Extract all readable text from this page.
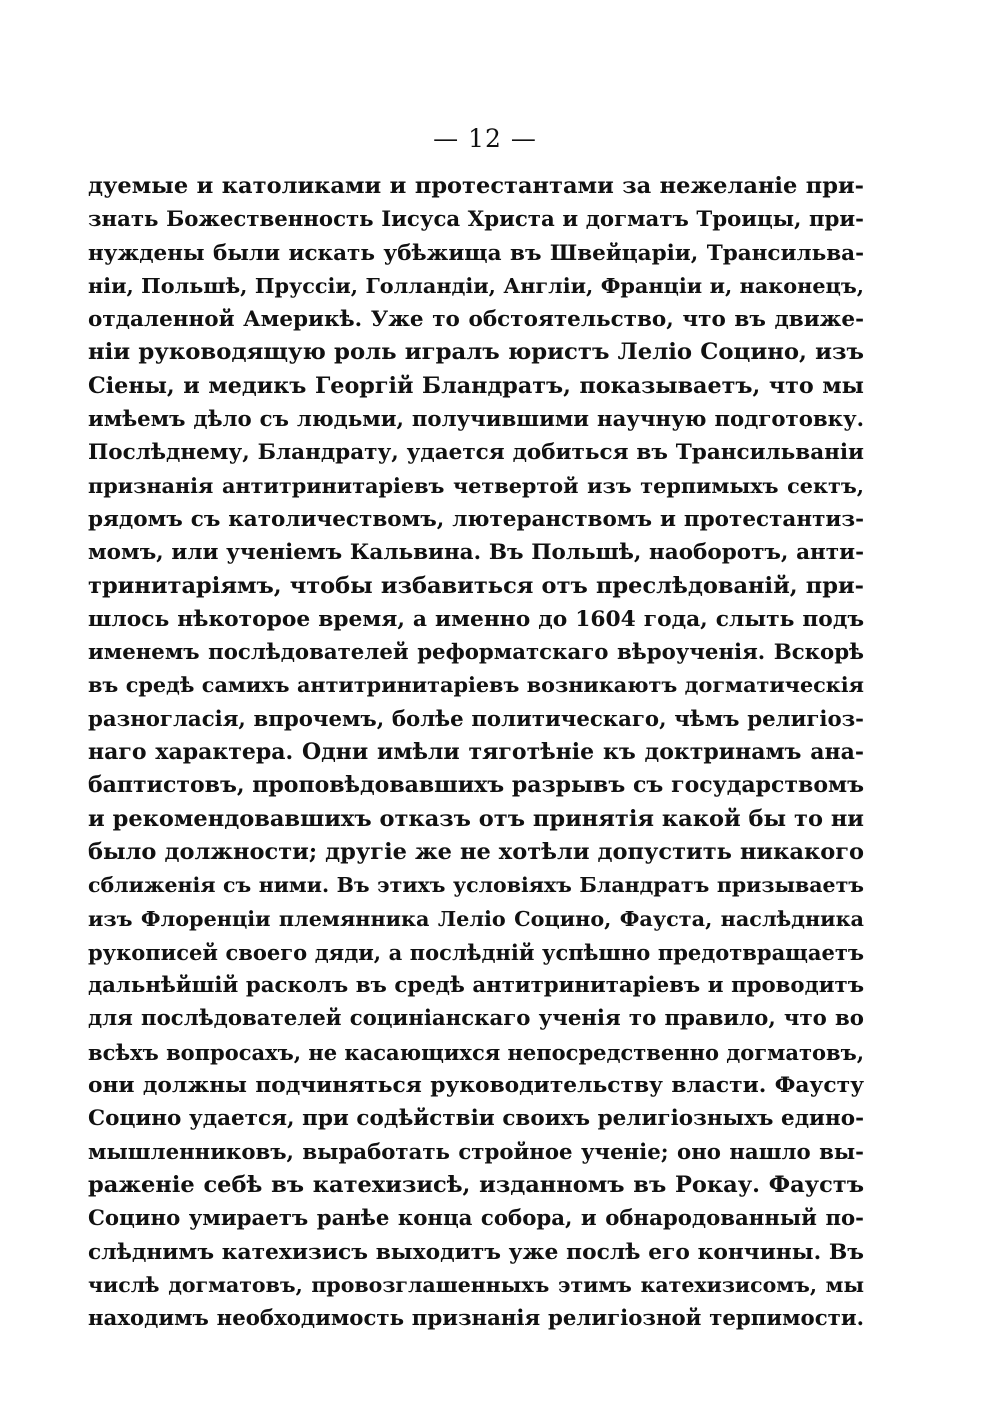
— 12 —
дуемые и католиками и протестантами за нежеланіе при-
знать Божественность Іисуса Христа и догматъ Троицы, при-
нуждены были искать убѣжища въ Швейцаріи, Трансильва-
ніи, Польшѣ, Пруссіи, Голландіи, Англіи, Франціи и, наконецъ,
отдаленной Америкѣ. Уже то обстоятельство, что въ движе-
ніи руководящую роль игралъ юристъ Леліо Социно, изъ
Сіены, и медикъ Георгій Бландратъ, показываетъ, что мы
имѣемъ дѣло съ людьми, получившими научную подготовку.
Послѣднему, Бландрату, удается добиться въ Трансильваніи
признанія антитринитаріевъ четвертой изъ терпимыхъ сектъ,
рядомъ съ католичествомъ, лютеранствомъ и протестантиз-
момъ, или ученіемъ Кальвина. Въ Польшѣ, наоборотъ, анти-
тринитаріямъ, чтобы избавиться отъ преслѣдованій, при-
шлось нѣкоторое время, а именно до 1604 года, слыть подъ
именемъ послѣдователей реформатскаго вѣроученія. Вскорѣ
въ средѣ самихъ антитринитаріевъ возникаютъ догматическія
разногласія, впрочемъ, болѣе политическаго, чѣмъ религіоз-
наго характера. Одни имѣли тяготѣніе къ доктринамъ ана-
баптистовъ, проповѣдовавшихъ разрывъ съ государствомъ
и рекомендовавшихъ отказъ отъ принятія какой бы то ни
было должности; другіе же не хотѣли допустить никакого
сближенія съ ними. Въ этихъ условіяхъ Бландратъ призываетъ
изъ Флоренціи племянника Леліо Социно, Фауста, наслѣдника
рукописей своего дяди, а послѣдній успѣшно предотвращаетъ
дальнѣйшій расколъ въ средѣ антитринитаріевъ и проводитъ
для послѣдователей социніанскаго ученія то правило, что во
всѣхъ вопросахъ, не касающихся непосредственно догматовъ,
они должны подчиняться руководительству власти. Фаусту
Социно удается, при содѣйствіи своихъ религіозныхъ едино-
мышленниковъ, выработать стройное ученіе; оно нашло вы-
раженіе себѣ въ катехизисѣ, изданномъ въ Рокау. Фаустъ
Социно умираетъ ранѣе конца собора, и обнародованный по-
слѣднимъ катехизисъ выходитъ уже послѣ его кончины. Въ
числѣ догматовъ, провозглашенныхъ этимъ катехизисомъ, мы
находимъ необходимость признанія религіозной терпимости.
